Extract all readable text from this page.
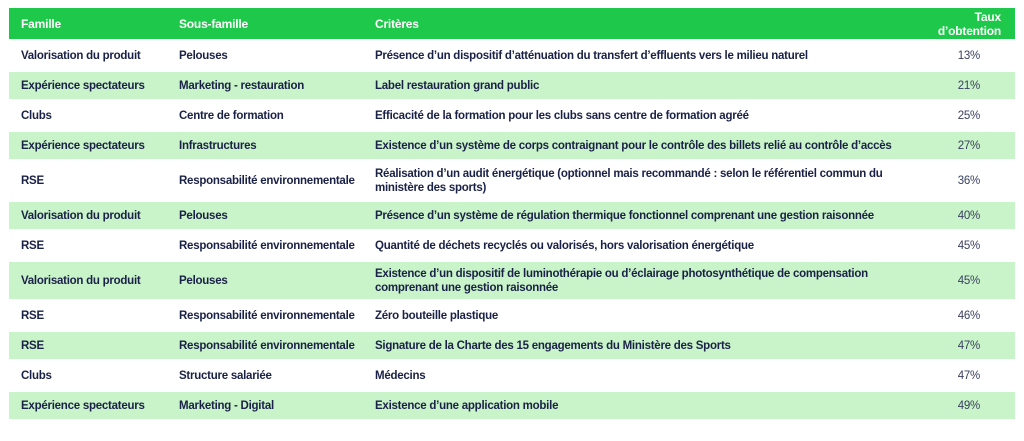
Famille	Sous-famille	Critères	Taux d’obtention
Valorisation du produit	Pelouses	Présence d’un dispositif d’atténuation du transfert d’effluents vers le milieu naturel	13%
Expérience spectateurs	Marketing - restauration	Label restauration grand public	21%
Clubs	Centre de formation	Efficacité de la formation pour les clubs sans centre de formation agréé	25%
Expérience spectateurs	Infrastructures	Existence d’un système de corps contraignant pour le contrôle des billets relié au contrôle d’accès	27%
RSE	Responsabilité environnementale	Réalisation d’un audit énergétique (optionnel mais recommandé : selon le référentiel commun du ministère des sports)	36%
Valorisation du produit	Pelouses	Présence d’un système de régulation thermique fonctionnel comprenant une gestion raisonnée	40%
RSE	Responsabilité environnementale	Quantité de déchets recyclés ou valorisés, hors valorisation énergétique	45%
Valorisation du produit	Pelouses	Existence d’un dispositif de luminothérapie ou d’éclairage photosynthétique de compensation comprenant une gestion raisonnée	45%
RSE	Responsabilité environnementale	Zéro bouteille plastique	46%
RSE	Responsabilité environnementale	Signature de la Charte des 15 engagements du Ministère des Sports	47%
Clubs	Structure salariée	Médecins	47%
Expérience spectateurs	Marketing - Digital	Existence d’une application mobile	49%
